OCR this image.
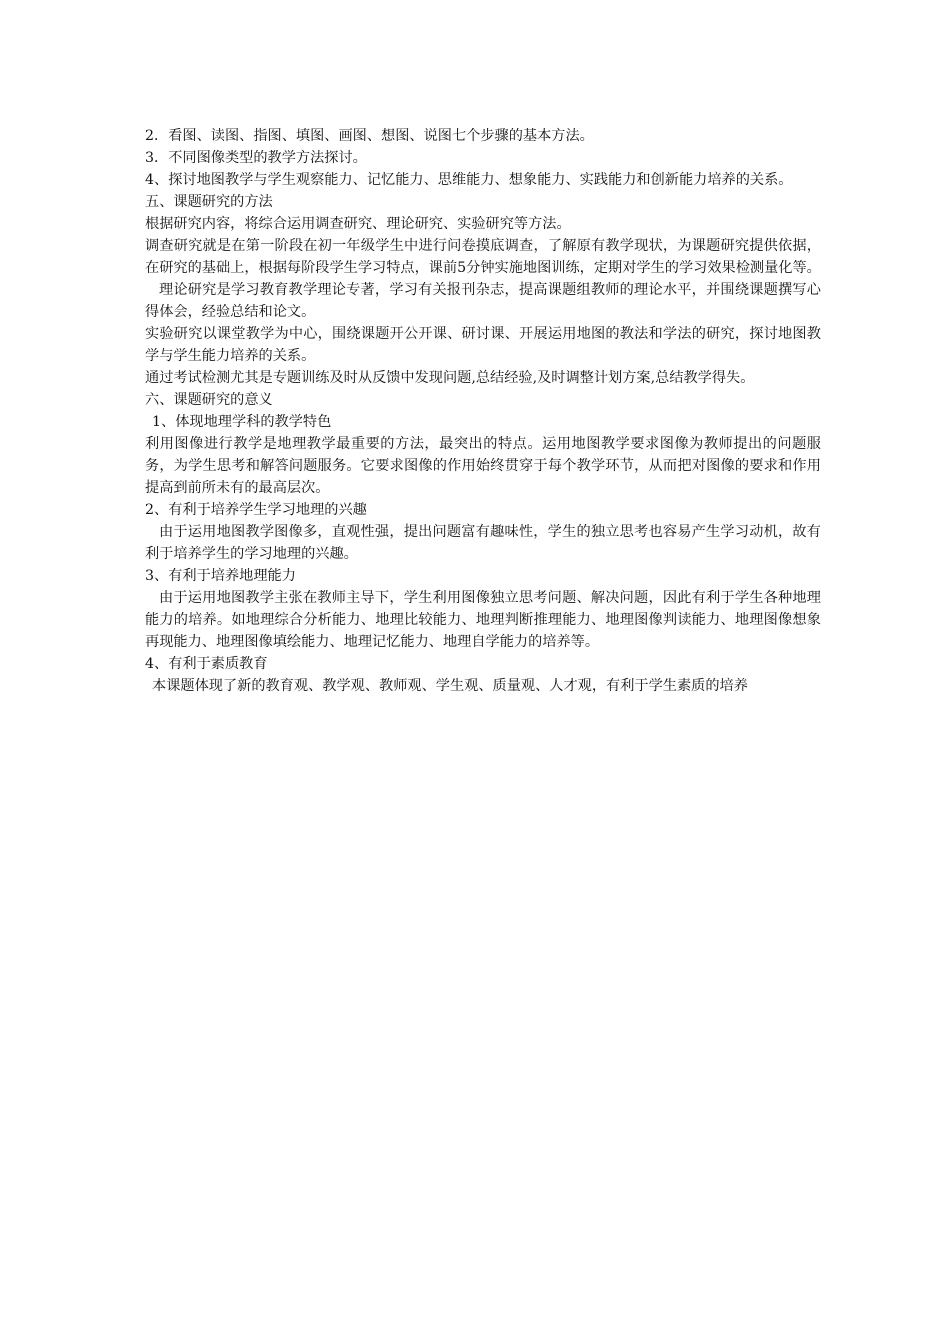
2．看图、读图、指图、填图、画图、想图、说图七个步骤的基本方法。

3．不同图像类型的教学方法探讨。

4、探讨地图教学与学生观察能力、记忆能力、思维能力、想象能力、实践能力和创新能力培养的关系。

五、课题研究的方法

根据研究内容，将综合运用调查研究、理论研究、实验研究等方法。

调查研究就是在第一阶段在初一年级学生中进行问卷摸底调查，了解原有教学现状，为课题研究提供依据，在研究的基础上，根据每阶段学生学习特点，课前5分钟实施地图训练，定期对学生的学习效果检测量化等。

理论研究是学习教育教学理论专著，学习有关报刊杂志，提高课题组教师的理论水平，并围绕课题撰写心得体会，经验总结和论文。

实验研究以课堂教学为中心，围绕课题开公开课、研讨课、开展运用地图的教法和学法的研究，探讨地图教学与学生能力培养的关系。

通过考试检测尤其是专题训练及时从反馈中发现问题,总结经验,及时调整计划方案,总结教学得失。

六、课题研究的意义

1、体现地理学科的教学特色

利用图像进行教学是地理教学最重要的方法，最突出的特点。运用地图教学要求图像为教师提出的问题服务，为学生思考和解答问题服务。它要求图像的作用始终贯穿于每个教学环节，从而把对图像的要求和作用提高到前所未有的最高层次。

2、有利于培养学生学习地理的兴趣

由于运用地图教学图像多，直观性强，提出问题富有趣味性，学生的独立思考也容易产生学习动机，故有利于培养学生的学习地理的兴趣。

3、有利于培养地理能力

由于运用地图教学主张在教师主导下，学生利用图像独立思考问题、解决问题，因此有利于学生各种地理能力的培养。如地理综合分析能力、地理比较能力、地理判断推理能力、地理图像判读能力、地理图像想象再现能力、地理图像填绘能力、地理记忆能力、地理自学能力的培养等。

4、有利于素质教育

本课题体现了新的教育观、教学观、教师观、学生观、质量观、人才观，有利于学生素质的培养
